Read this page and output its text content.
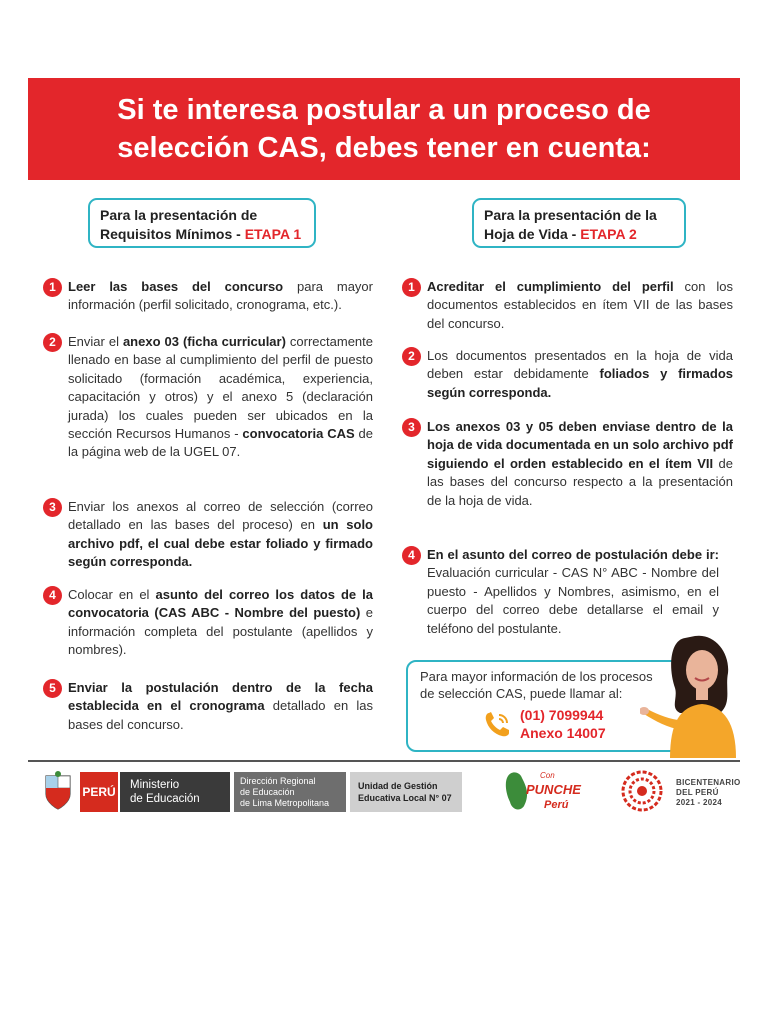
Si te interesa postular a un proceso de
selección CAS, debes tener en cuenta:
Para la presentación de
Requisitos Mínimos - ETAPA 1
Para la presentación de la
Hoja de Vida - ETAPA 2
1 Leer las bases del concurso para mayor información (perfil solicitado, cronograma, etc.).
2 Enviar el anexo 03 (ficha curricular) correctamente llenado en base al cumplimiento del perfil de puesto solicitado (formación académica, experiencia, capacitación y otros) y el anexo 5 (declaración jurada) los cuales pueden ser ubicados en la sección Recursos Humanos - convocatoria CAS de la página web de la UGEL 07.
3 Enviar los anexos al correo de selección (correo detallado en las bases del proceso) en un solo archivo pdf, el cual debe estar foliado y firmado según corresponda.
4 Colocar en el asunto del correo los datos de la convocatoria (CAS ABC - Nombre del puesto) e información completa del postulante (apellidos y nombres).
5 Enviar la postulación dentro de la fecha establecida en el cronograma detallado en las bases del concurso.
1 Acreditar el cumplimiento del perfil con los documentos establecidos en ítem VII de las bases del concurso.
2 Los documentos presentados en la hoja de vida deben estar debidamente foliados y firmados según corresponda.
3 Los anexos 03 y 05 deben enviase dentro de la hoja de vida documentada en un solo archivo pdf siguiendo el orden establecido en el ítem VII de las bases del concurso respecto a la presentación de la hoja de vida.
4 En el asunto del correo de postulación debe ir: Evaluación curricular - CAS N° ABC - Nombre del puesto - Apellidos y Nombres, asimismo, en el cuerpo del correo debe detallarse el email y teléfono del postulante.
Para mayor información de los procesos
de selección CAS, puede llamar al:
(01) 7099944
Anexo 14007
PERÚ Ministerio
de Educación
Dirección Regional
de Educación
de Lima Metropolitana
Unidad de Gestión
Educativa Local N° 07
Con
PUNCHE
Perú
BICENTENARIO
DEL PERÚ
2021 - 2024
